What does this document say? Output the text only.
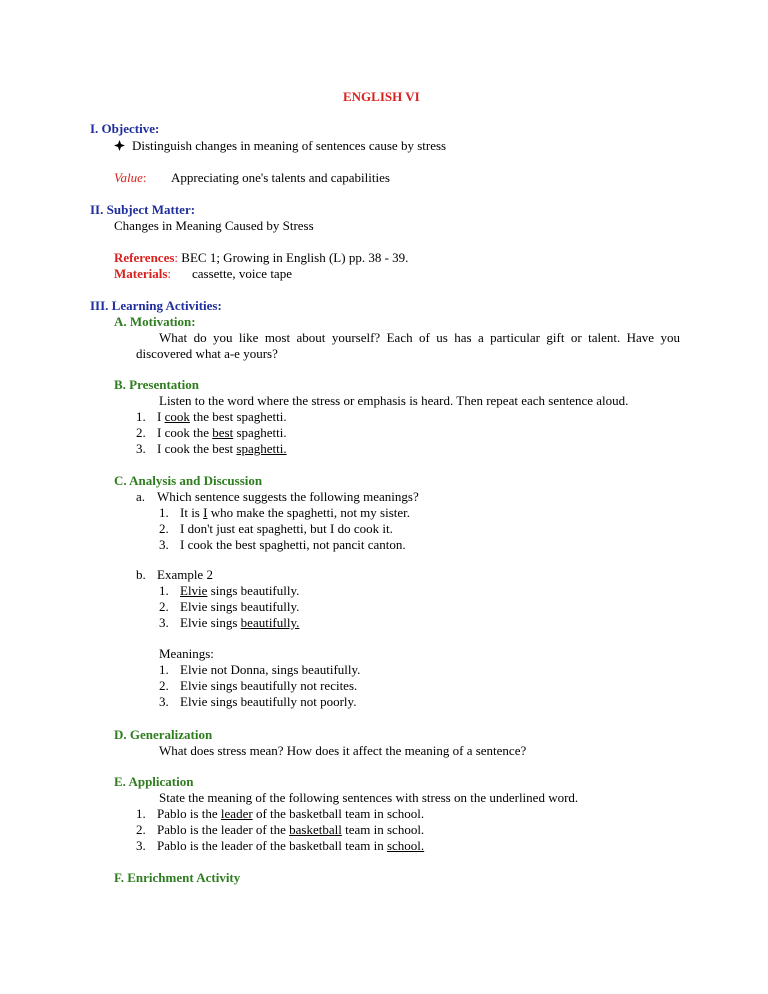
ENGLISH VI
I. Objective:
Distinguish changes in meaning of sentences cause by stress
Value: Appreciating one's talents and capabilities
II. Subject Matter:
Changes in Meaning Caused by Stress
References: BEC 1; Growing in English (L) pp. 38 - 39.
Materials: cassette, voice tape
III. Learning Activities:
A. Motivation:
What do you like most about yourself? Each of us has a particular gift or talent. Have you
discovered what a-e yours?
B. Presentation
Listen to the word where the stress or emphasis is heard. Then repeat each sentence aloud.
1. I cook the best spaghetti.
2. I cook the best spaghetti.
3. I cook the best spaghetti.
C. Analysis and Discussion
a. Which sentence suggests the following meanings?
1. It is I who make the spaghetti, not my sister.
2. I don't just eat spaghetti, but I do cook it.
3. I cook the best spaghetti, not pancit canton.
b. Example 2
1. Elvie sings beautifully.
2. Elvie sings beautifully.
3. Elvie sings beautifully.
Meanings:
1. Elvie not Donna, sings beautifully.
2. Elvie sings beautifully not recites.
3. Elvie sings beautifully not poorly.
D. Generalization
What does stress mean? How does it affect the meaning of a sentence?
E. Application
State the meaning of the following sentences with stress on the underlined word.
1. Pablo is the leader of the basketball team in school.
2. Pablo is the leader of the basketball team in school.
3. Pablo is the leader of the basketball team in school.
F. Enrichment Activity
